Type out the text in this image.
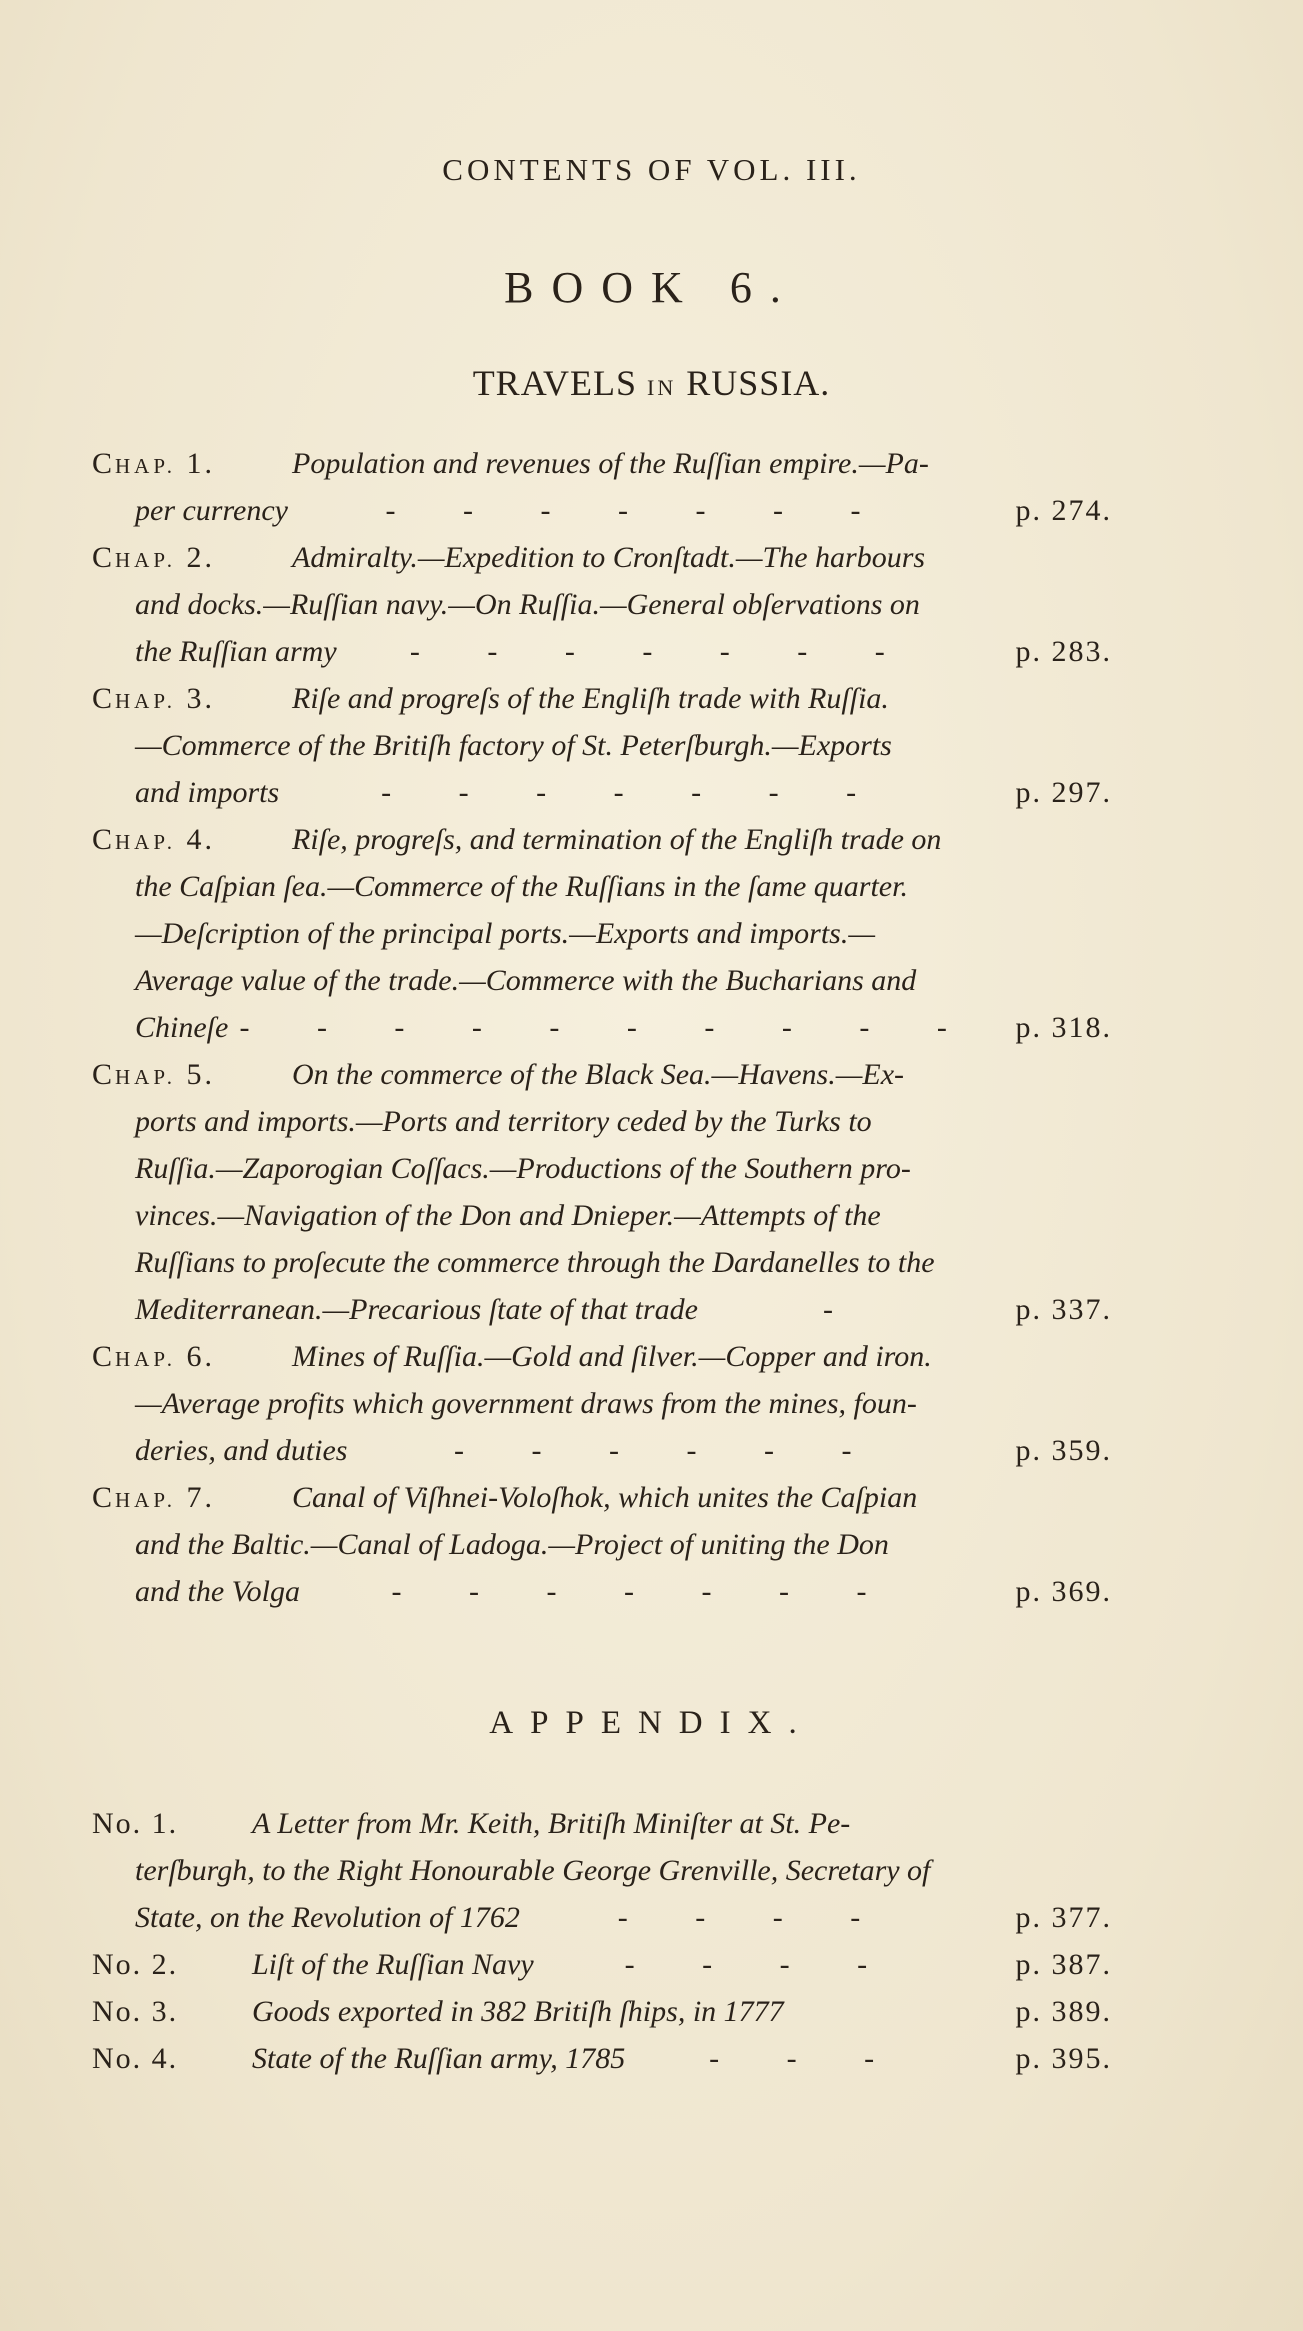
CONTENTS OF VOL. III.
BOOK 6.
TRAVELS IN RUSSIA.
CHAP. 1.	Population and revenues of the Ruſſian empire.—Pa-
per currency	- - - - - - -	p. 274.
CHAP. 2.	Admiralty.—Expedition to Cronſtadt.—The harbours
and docks.—Ruſſian navy.—On Ruſſia.—General obſervations on
the Ruſſian army	- - - - - - -	p. 283.
CHAP. 3.	Riſe and progreſs of the Engliſh trade with Ruſſia.
—Commerce of the Britiſh factory of St. Peterſburgh.—Exports
and imports	- - - - - - -	p. 297.
CHAP. 4.	Riſe, progreſs, and termination of the Engliſh trade on
the Caſpian ſea.—Commerce of the Ruſſians in the ſame quarter.
—Deſcription of the principal ports.—Exports and imports.—
Average value of the trade.—Commerce with the Bucharians and
Chineſe - - - - - - - - - -	p. 318.
CHAP. 5.	On the commerce of the Black Sea.—Havens.—Ex-
ports and imports.—Ports and territory ceded by the Turks to
Ruſſia.—Zaporogian Coſſacs.—Productions of the Southern pro-
vinces.—Navigation of the Don and Dnieper.—Attempts of the
Ruſſians to proſecute the commerce through the Dardanelles to the
Mediterranean.—Precarious ſtate of that trade	-	p. 337.
CHAP. 6.	Mines of Ruſſia.—Gold and ſilver.—Copper and iron.
—Average profits which government draws from the mines, foun-
deries, and duties	- - - - - -	p. 359.
CHAP. 7.	Canal of Viſhnei-Voloſhok, which unites the Caſpian
and the Baltic.—Canal of Ladoga.—Project of uniting the Don
and the Volga	- - - - - - -	p. 369.
APPENDIX.
No. 1.	A Letter from Mr. Keith, Britiſh Miniſter at St. Pe-
terſburgh, to the Right Honourable George Grenville, Secretary of
State, on the Revolution of 1762	- - - -	p. 377.
No. 2.	Liſt of the Ruſſian Navy	- - - -	p. 387.
No. 3.	Goods exported in 382 Britiſh ſhips, in 1777	p. 389.
No. 4.	State of the Ruſſian army, 1785	- - -	p. 395.
